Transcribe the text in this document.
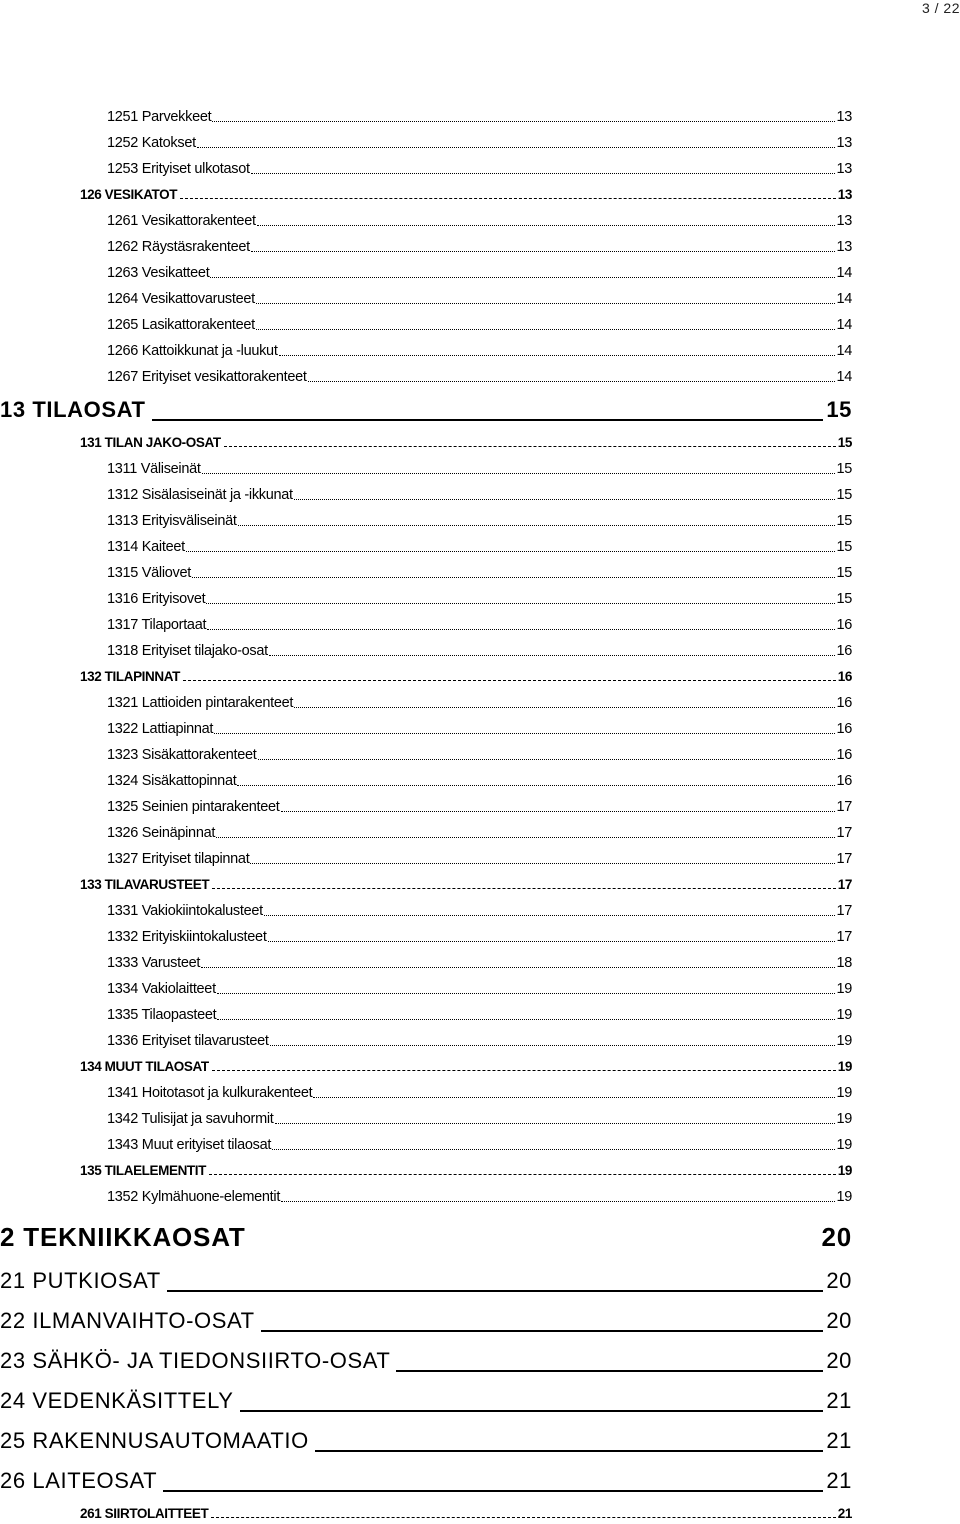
3 / 22
1251 Parvekkeet	13
1252 Katokset	13
1253 Erityiset ulkotasot	13
126 VESIKATOT	13
1261 Vesikattorakenteet	13
1262 Räystäsrakenteet	13
1263 Vesikatteet	14
1264 Vesikattovarusteet	14
1265 Lasikattorakenteet	14
1266 Kattoikkunat ja -luukut	14
1267 Erityiset vesikattorakenteet	14
13 TILAOSAT	15
131 TILAN JAKO-OSAT	15
1311 Väliseinät	15
1312 Sisälasiseinät ja -ikkunat	15
1313 Erityisväliseinät	15
1314 Kaiteet	15
1315 Väliovet	15
1316 Erityisovet	15
1317 Tilaportaat	16
1318 Erityiset tilajako-osat	16
132 TILAPINNAT	16
1321 Lattioiden pintarakenteet	16
1322 Lattiapinnat	16
1323 Sisäkattorakenteet	16
1324 Sisäkattopinnat	16
1325 Seinien pintarakenteet	17
1326 Seinäpinnat	17
1327 Erityiset tilapinnat	17
133 TILAVARUSTEET	17
1331 Vakiokiintokalusteet	17
1332 Erityiskiintokalusteet	17
1333 Varusteet	18
1334 Vakiolaitteet	19
1335 Tilaopasteet	19
1336 Erityiset tilavarusteet	19
134 MUUT TILAOSAT	19
1341 Hoitotasot ja kulkurakenteet	19
1342 Tulisijat ja savuhormit	19
1343 Muut erityiset tilaosat	19
135 TILAELEMENTIT	19
1352 Kylmähuone-elementit	19
2 TEKNIIKKAOSAT	20
21 PUTKIOSAT	20
22 ILMANVAIHTO-OSAT	20
23 SÄHKÖ- JA TIEDONSIIRTO-OSAT	20
24 VEDENKÄSITTELY	21
25 RAKENNUSAUTOMAATIO	21
26 LAITEOSAT	21
261 SIIRTOLAITTEET	21
